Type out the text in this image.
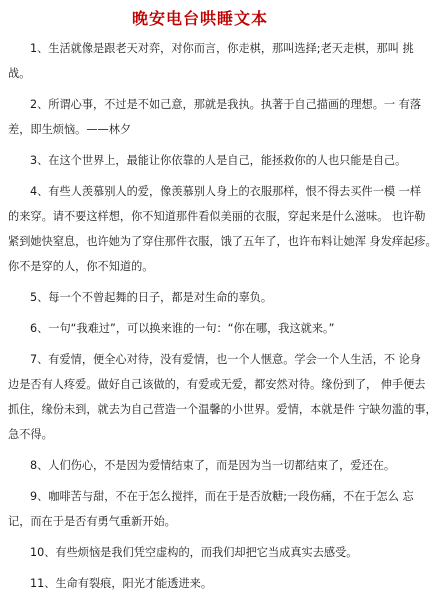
晚安电台哄睡文本
1、生活就像是跟老天对弈，对你而言，你走棋，那叫选择;老天走棋，那叫 挑
战。
2、所谓心事，不过是不如己意，那就是我执。执著于自己描画的理想。一 有落
差，即生烦恼。——林夕
3、在这个世界上，最能让你依靠的人是自己，能拯救你的人也只能是自己。
4、有些人羡慕别人的爱，像羡慕别人身上的衣服那样，恨不得去买件一模 一样
的来穿。请不要这样想，你不知道那件看似美丽的衣服，穿起来是什么滋味。 也许勒
紧到她快窒息，也许她为了穿住那件衣服，饿了五年了，也许布料让她浑 身发痒起疹。
你不是穿的人，你不知道的。
5、每一个不曾起舞的日子，都是对生命的辜负。
6、一句“我难过”，可以换来谁的一句：“你在哪，我这就来。”
7、有爱情，便全心对待，没有爱情，也一个人惬意。学会一个人生活，不 论身
边是否有人疼爱。做好自己该做的，有爱或无爱，都安然对待。缘份到了， 伸手便去
抓住，缘份未到，就去为自己营造一个温馨的小世界。爱情，本就是件 宁缺勿滥的事，
急不得。
8、人们伤心，不是因为爱情结束了，而是因为当一切都结束了，爱还在。
9、咖啡苦与甜，不在于怎么搅拌，而在于是否放糖;一段伤痛，不在于怎么 忘
记，而在于是否有勇气重新开始。
10、有些烦恼是我们凭空虚构的，而我们却把它当成真实去感受。
11、生命有裂痕，阳光才能透进来。
